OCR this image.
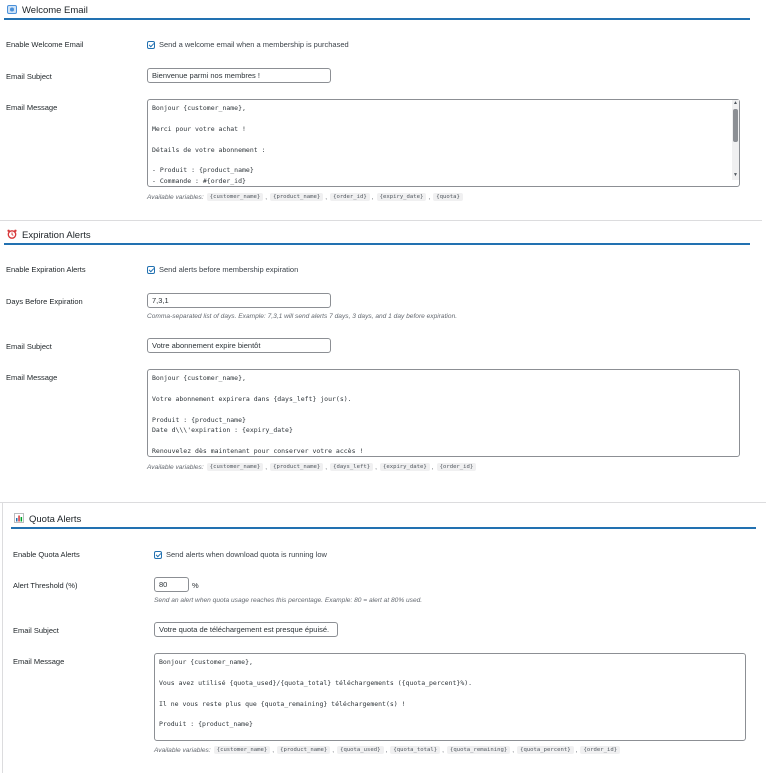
Welcome Email
Enable Welcome Email	Send a welcome email when a membership is purchased
Email Subject	Bienvenue parmi nos membres !
Email Message	Bonjour {customer_name},

Merci pour votre achat !

Détails de votre abonnement :

- Produit : {product_name}
- Commande : #{order_id}
▲
▼
Available variables:	{customer_name} ,	{product_name} ,	{order_id} ,	{expiry_date} ,	{quota}
Expiration Alerts
Enable Expiration Alerts	Send alerts before membership expiration
Days Before Expiration	7,3,1
Comma-separated list of days. Example: 7,3,1 will send alerts 7 days, 3 days, and 1 day before expiration.
Email Subject	Votre abonnement expire bientôt
Email Message	Bonjour {customer_name},

Votre abonnement expirera dans {days_left} jour(s).

Produit : {product_name}
Date d\\\'expiration : {expiry_date}

Renouvelez dès maintenant pour conserver votre accès !
Available variables:	{customer_name} ,	{product_name} ,	{days_left} ,	{expiry_date} ,	{order_id}
Quota Alerts
Enable Quota Alerts	Send alerts when download quota is running low
Alert Threshold (%)	80	%
Send an alert when quota usage reaches this percentage. Example: 80 = alert at 80% used.
Email Subject	Votre quota de téléchargement est presque épuisé.
Email Message	Bonjour {customer_name},

Vous avez utilisé {quota_used}/{quota_total} téléchargements ({quota_percent}%).

Il ne vous reste plus que {quota_remaining} téléchargement(s) !

Produit : {product_name}
Available variables:	{customer_name} ,	{product_name} ,	{quota_used} ,	{quota_total} ,	{quota_remaining} ,	{quota_percent} ,	{order_id}
